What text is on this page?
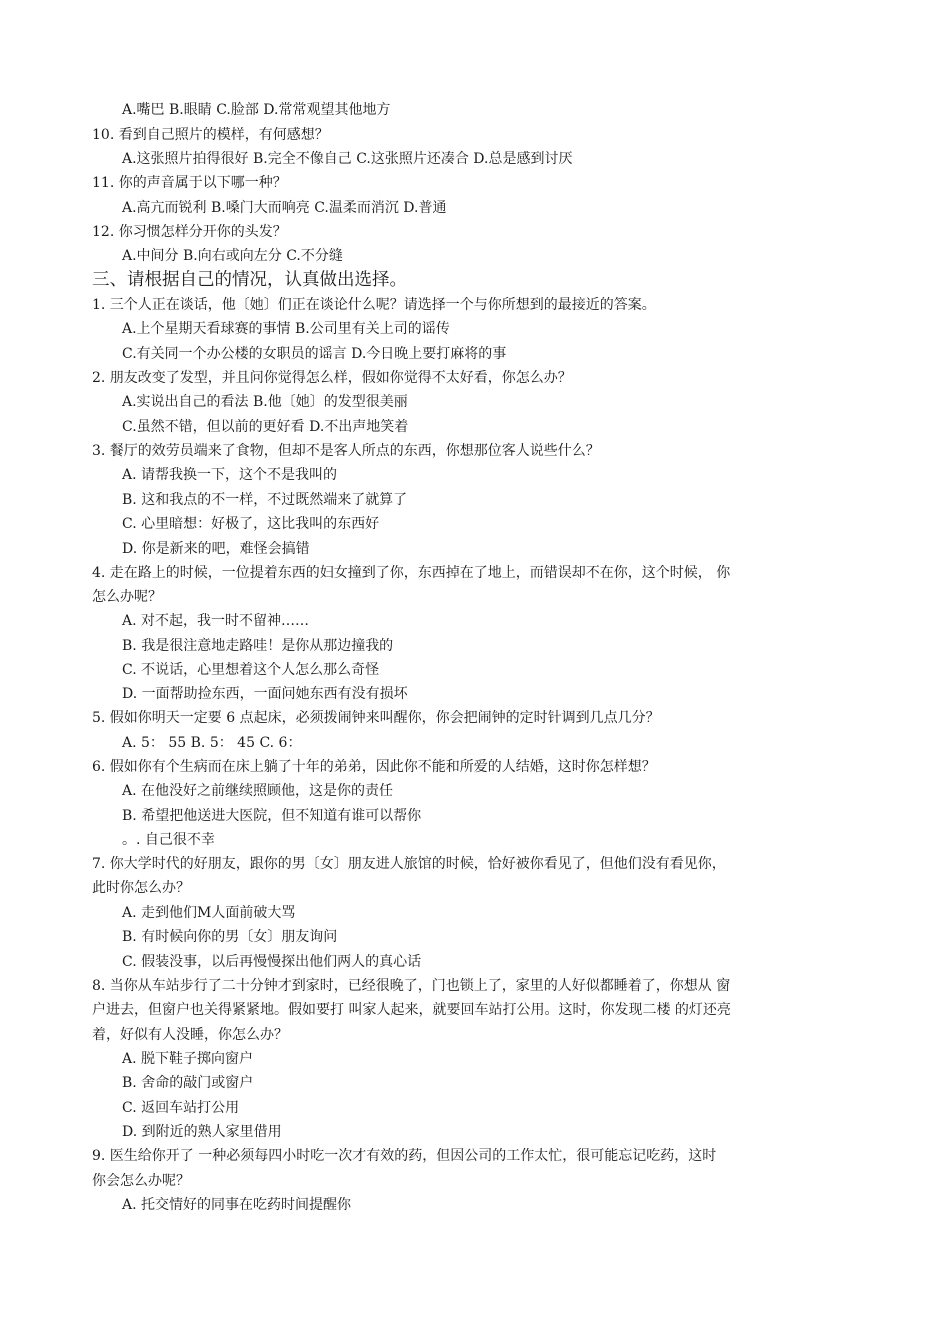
A.嘴巴 B.眼睛 C.脸部 D.常常观望其他地方
10. 看到自己照片的模样，有何感想？
A.这张照片拍得很好 B.完全不像自己 C.这张照片还凑合 D.总是感到讨厌
11. 你的声音属于以下哪一种？
A.高亢而锐利 B.嗓门大而响亮 C.温柔而消沉 D.普通
12. 你习惯怎样分开你的头发？
A.中间分 B.向右或向左分 C.不分缝
三、请根据自己的情况，认真做出选择。
1. 三个人正在谈话，他〔她〕们正在谈论什么呢？请选择一个与你所想到的最接近的答案。
A.上个星期天看球赛的事情 B.公司里有关上司的谣传
C.有关同一个办公楼的女职员的谣言 D.今日晚上要打麻将的事
2. 朋友改变了发型，并且问你觉得怎么样，假如你觉得不太好看，你怎么办？
A.实说出自己的看法 B.他〔她〕的发型很美丽
C.虽然不错，但以前的更好看 D.不出声地笑着
3. 餐厅的效劳员端来了食物，但却不是客人所点的东西，你想那位客人说些什么？
A. 请帮我换一下，这个不是我叫的
B. 这和我点的不一样，不过既然端来了就算了
C. 心里暗想：好极了，这比我叫的东西好
D. 你是新来的吧，难怪会搞错
4. 走在路上的时候，一位提着东西的妇女撞到了你，东西掉在了地上，而错误却不在你，这个时候， 你
怎么办呢？
A. 对不起，我一时不留神……
B. 我是很注意地走路哇！是你从那边撞我的
C. 不说话，心里想着这个人怎么那么奇怪
D. 一面帮助捡东西，一面问她东西有没有损坏
5. 假如你明天一定要 6 点起床，必须拨闹钟来叫醒你，你会把闹钟的定时针调到几点几分？
A. 5： 55 B. 5： 45 C. 6：
6. 假如你有个生病而在床上躺了十年的弟弟，因此你不能和所爱的人结婚，这时你怎样想？
A. 在他没好之前继续照顾他，这是你的责任
B. 希望把他送进大医院，但不知道有谁可以帮你
。. 自己很不幸
7. 你大学时代的好朋友，跟你的男〔女〕朋友进人旅馆的时候，恰好被你看见了，但他们没有看见你，
此时你怎么办？
A. 走到他们M人面前破大骂
B. 有时候向你的男〔女〕朋友询问
C. 假装没事，以后再慢慢探出他们两人的真心话
8. 当你从车站步行了二十分钟才到家时，已经很晚了，门也锁上了，家里的人好似都睡着了，你想从 窗
户进去，但窗户也关得紧紧地。假如要打 叫家人起来，就要回车站打公用。这时，你发现二楼 的灯还亮
着，好似有人没睡，你怎么办？
A. 脱下鞋子掷向窗户
B. 舍命的敲门或窗户
C. 返回车站打公用
D. 到附近的熟人家里借用
9. 医生给你开了 一种必须每四小时吃一次才有效的药，但因公司的工作太忙，很可能忘记吃药，这时
你会怎么办呢？
A. 托交情好的同事在吃药时间提醒你
